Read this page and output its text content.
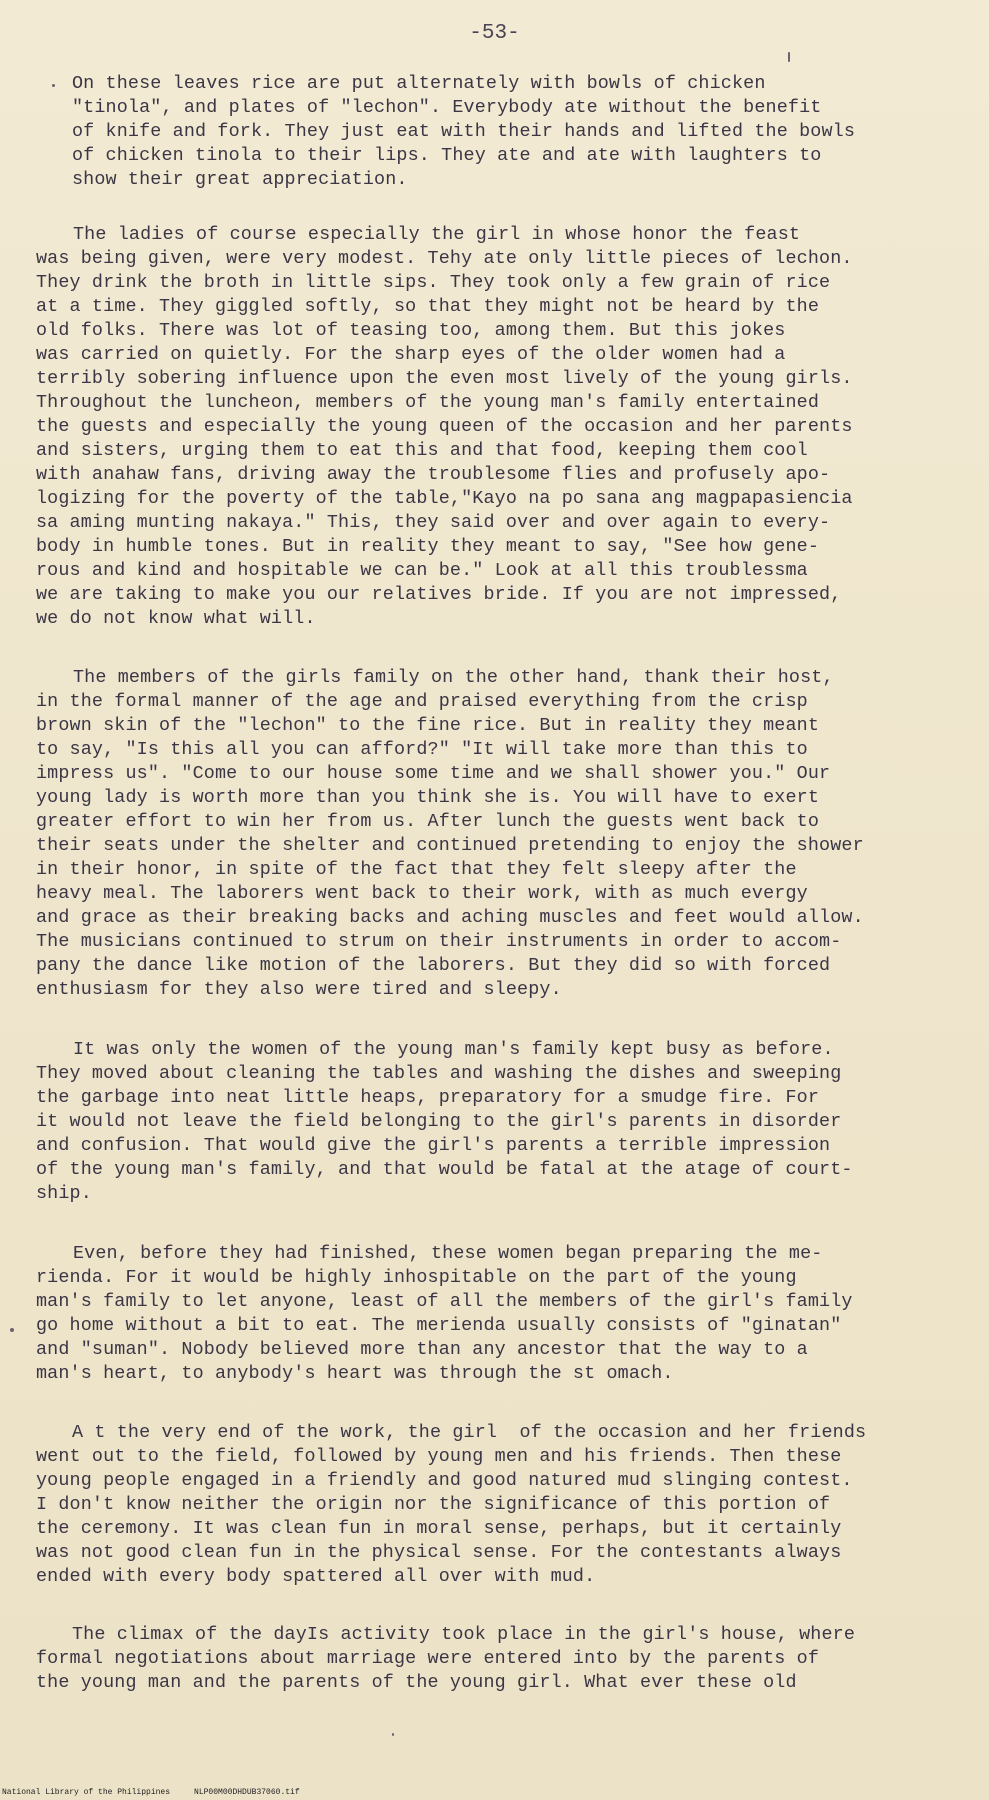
-53-
On these leaves rice are put alternately with bowls of chicken
"tinola", and plates of "lechon". Everybody ate without the benefit
of knife and fork. They just eat with their hands and lifted the bowls
of chicken tinola to their lips. They ate and ate with laughters to
show their great appreciation.
The ladies of course especially the girl in whose honor the feast
was being given, were very modest. Tehy ate only little pieces of lechon.
They drink the broth in little sips. They took only a few grain of rice
at a time. They giggled softly, so that they might not be heard by the
old folks. There was lot of teasing too, among them. But this jokes
was carried on quietly. For the sharp eyes of the older women had a
terribly sobering influence upon the even most lively of the young girls.
Throughout the luncheon, members of the young man's family entertained
the guests and especially the young queen of the occasion and her parents
and sisters, urging them to eat this and that food, keeping them cool
with anahaw fans, driving away the troublesome flies and profusely apo-
logizing for the poverty of the table,"Kayo na po sana ang magpapasiencia
sa aming munting nakaya." This, they said over and over again to every-
body in humble tones. But in reality they meant to say, "See how gene-
rous and kind and hospitable we can be." Look at all this troublessma
we are taking to make you our relatives bride. If you are not impressed,
we do not know what will.
The members of the girls family on the other hand, thank their host,
in the formal manner of the age and praised everything from the crisp
brown skin of the "lechon" to the fine rice. But in reality they meant
to say, "Is this all you can afford?" "It will take more than this to
impress us". "Come to our house some time and we shall shower you." Our
young lady is worth more than you think she is. You will have to exert
greater effort to win her from us. After lunch the guests went back to
their seats under the shelter and continued pretending to enjoy the shower
in their honor, in spite of the fact that they felt sleepy after the
heavy meal. The laborers went back to their work, with as much evergy
and grace as their breaking backs and aching muscles and feet would allow.
The musicians continued to strum on their instruments in order to accom-
pany the dance like motion of the laborers. But they did so with forced
enthusiasm for they also were tired and sleepy.
It was only the women of the young man's family kept busy as before.
They moved about cleaning the tables and washing the dishes and sweeping
the garbage into neat little heaps, preparatory for a smudge fire. For
it would not leave the field belonging to the girl's parents in disorder
and confusion. That would give the girl's parents a terrible impression
of the young man's family, and that would be fatal at the atage of court-
ship.
Even, before they had finished, these women began preparing the me-
rienda. For it would be highly inhospitable on the part of the young
man's family to let anyone, least of all the members of the girl's family
go home without a bit to eat. The merienda usually consists of "ginatan"
and "suman". Nobody believed more than any ancestor that the way to a
man's heart, to anybody's heart was through the st omach.
A t the very end of the work, the girl  of the occasion and her friends
went out to the field, followed by young men and his friends. Then these
young people engaged in a friendly and good natured mud slinging contest.
I don't know neither the origin nor the significance of this portion of
the ceremony. It was clean fun in moral sense, perhaps, but it certainly
was not good clean fun in the physical sense. For the contestants always
ended with every body spattered all over with mud.
The climax of the dayIs activity took place in the girl's house, where
formal negotiations about marriage were entered into by the parents of
the young man and the parents of the young girl. What ever these old
National Library of the Philippines     NLP00M00DHDUB37060.tif
